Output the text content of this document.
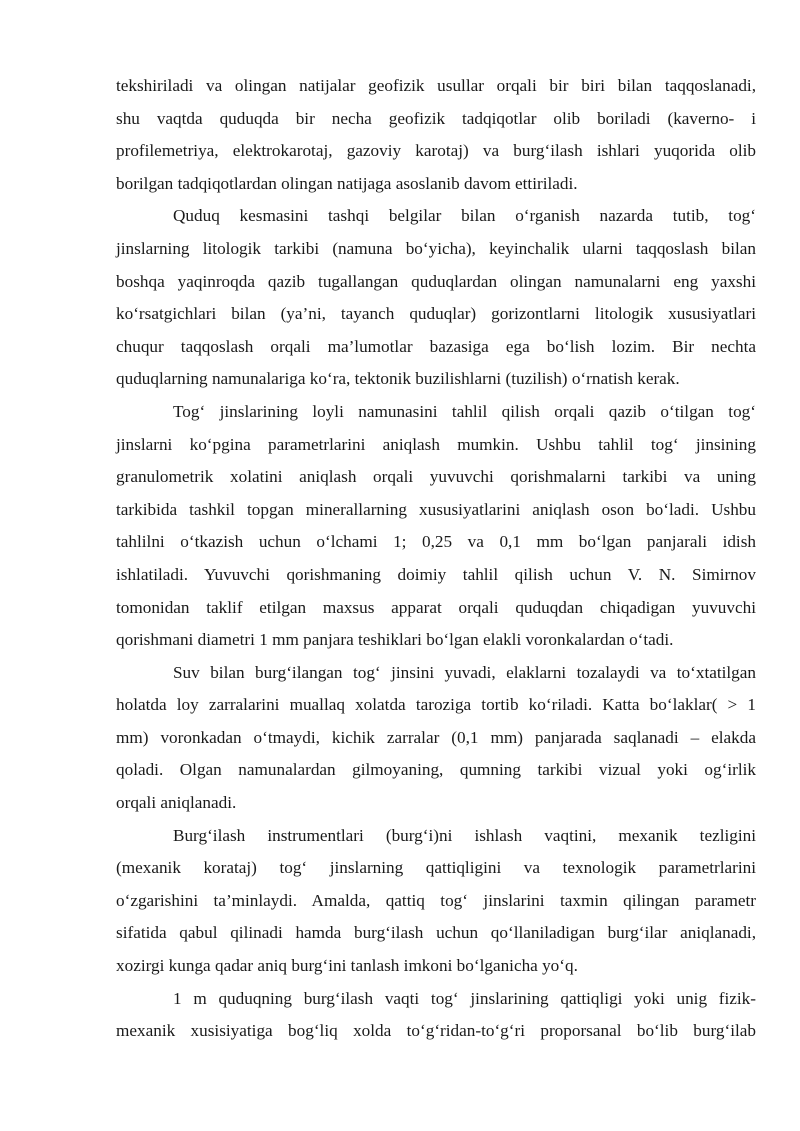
tekshiriladi va olingan natijalar geofizik usullar orqali bir biri bilan taqqoslanadi,
shu vaqtda quduqda bir necha geofizik tadqiqotlar olib boriladi (kaverno- i
profilemetriya, elektrokarotaj, gazoviy karotaj) va burg‘ilash ishlari yuqorida olib
borilgan tadqiqotlardan olingan natijaga asoslanib davom ettiriladi.
Quduq kesmasini tashqi belgilar bilan o‘rganish nazarda tutib, tog‘
jinslarning litologik tarkibi (namuna bo‘yicha), keyinchalik ularni taqqoslash bilan
boshqa yaqinroqda qazib tugallangan quduqlardan olingan namunalarni eng yaxshi
ko‘rsatgichlari bilan (ya’ni, tayanch quduqlar) gorizontlarni litologik xususiyatlari
chuqur taqqoslash orqali ma’lumotlar bazasiga ega bo‘lish lozim. Bir nechta
quduqlarning namunalariga ko‘ra, tektonik buzilishlarni (tuzilish) o‘rnatish kerak.
Tog‘ jinslarining loyli namunasini tahlil qilish orqali qazib o‘tilgan tog‘
jinslarni ko‘pgina parametrlarini aniqlash mumkin. Ushbu tahlil tog‘ jinsining
granulometrik xolatini aniqlash orqali yuvuvchi qorishmalarni tarkibi va uning
tarkibida tashkil topgan minerallarning xususiyatlarini aniqlash oson bo‘ladi. Ushbu
tahlilni o‘tkazish uchun o‘lchami 1; 0,25 va 0,1 mm bo‘lgan panjarali idish
ishlatiladi. Yuvuvchi qorishmaning doimiy tahlil qilish uchun V. N. Simirnov
tomonidan taklif etilgan maxsus apparat orqali quduqdan chiqadigan yuvuvchi
qorishmani diametri 1 mm panjara teshiklari bo‘lgan elakli voronkalardan o‘tadi.
Suv bilan burg‘ilangan tog‘ jinsini yuvadi, elaklarni tozalaydi va to‘xtatilgan
holatda loy zarralarini muallaq xolatda taroziga tortib ko‘riladi. Katta bo‘laklar( > 1
mm) voronkadan o‘tmaydi, kichik zarralar (0,1 mm) panjarada saqlanadi – elakda
qoladi. Olgan namunalardan gilmoyaning, qumning tarkibi vizual yoki og‘irlik
orqali aniqlanadi.
Burg‘ilash instrumentlari (burg‘i)ni ishlash vaqtini, mexanik tezligini
(mexanik korataj) tog‘ jinslarning qattiqligini va texnologik parametrlarini
o‘zgarishini ta’minlaydi. Amalda, qattiq tog‘ jinslarini taxmin qilingan parametr
sifatida qabul qilinadi hamda burg‘ilash uchun qo‘llaniladigan burg‘ilar aniqlanadi,
xozirgi kunga qadar aniq burg‘ini tanlash imkoni bo‘lganicha yo‘q.
1 m quduqning burg‘ilash vaqti tog‘ jinslarining qattiqligi yoki unig fizik-
mexanik xusisiyatiga bog‘liq xolda to‘g‘ridan-to‘g‘ri proporsanal bo‘lib burg‘ilab
